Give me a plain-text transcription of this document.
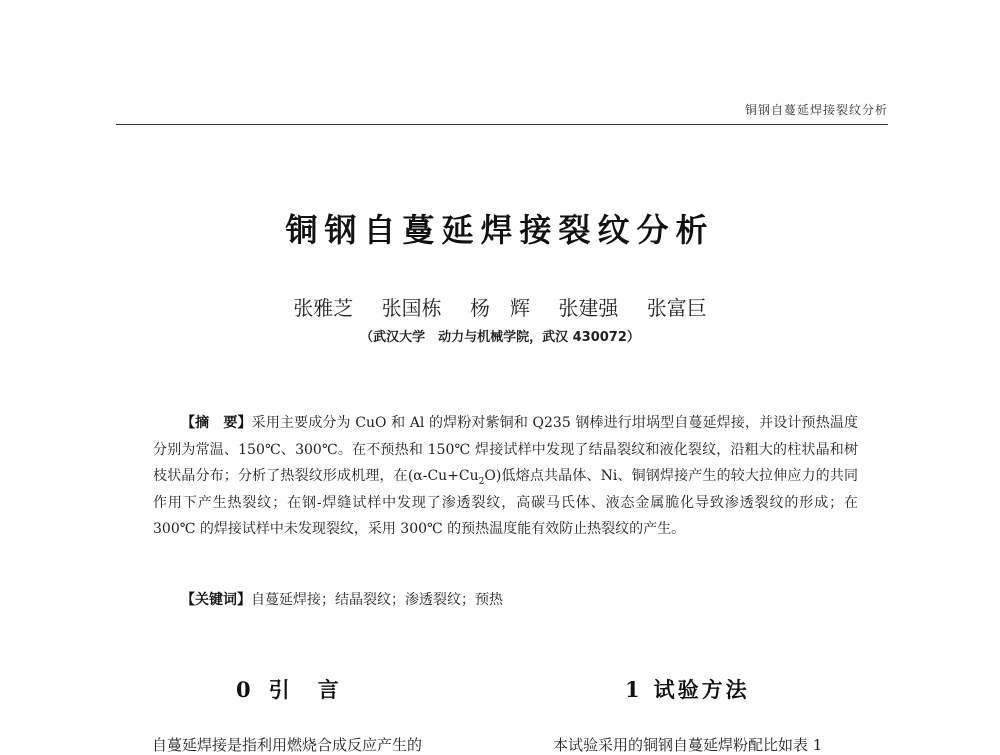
铜钢自蔓延焊接裂纹分析
铜钢自蔓延焊接裂纹分析
张雅芝 张国栋 杨　辉 张建强 张富巨
（武汉大学　动力与机械学院，武汉 430072）
【摘　要】采用主要成分为 CuO 和 Al 的焊粉对紫铜和 Q235 钢棒进行坩埚型自蔓延焊接，并设计预热温度分别为常温、150℃、300℃。在不预热和 150℃ 焊接试样中发现了结晶裂纹和液化裂纹，沿粗大的柱状晶和树枝状晶分布；分析了热裂纹形成机理，在$(\alpha-Cu+Cu_2O)$低熔点共晶体、Ni、铜钢焊接产生的较大拉伸应力的共同作用下产生热裂纹；在钢-焊缝试样中发现了渗透裂纹，高碳马氏体、液态金属脆化导致渗透裂纹的形成；在 300℃ 的焊接试样中未发现裂纹，采用 300℃ 的预热温度能有效防止热裂纹的产生。
【关键词】自蔓延焊接；结晶裂纹；渗透裂纹；预热
0 引言	1 试验方法
自蔓延焊接是指利用燃烧合成反应产生的	本试验采用的铜钢自蔓延焊粉配比如表 1
